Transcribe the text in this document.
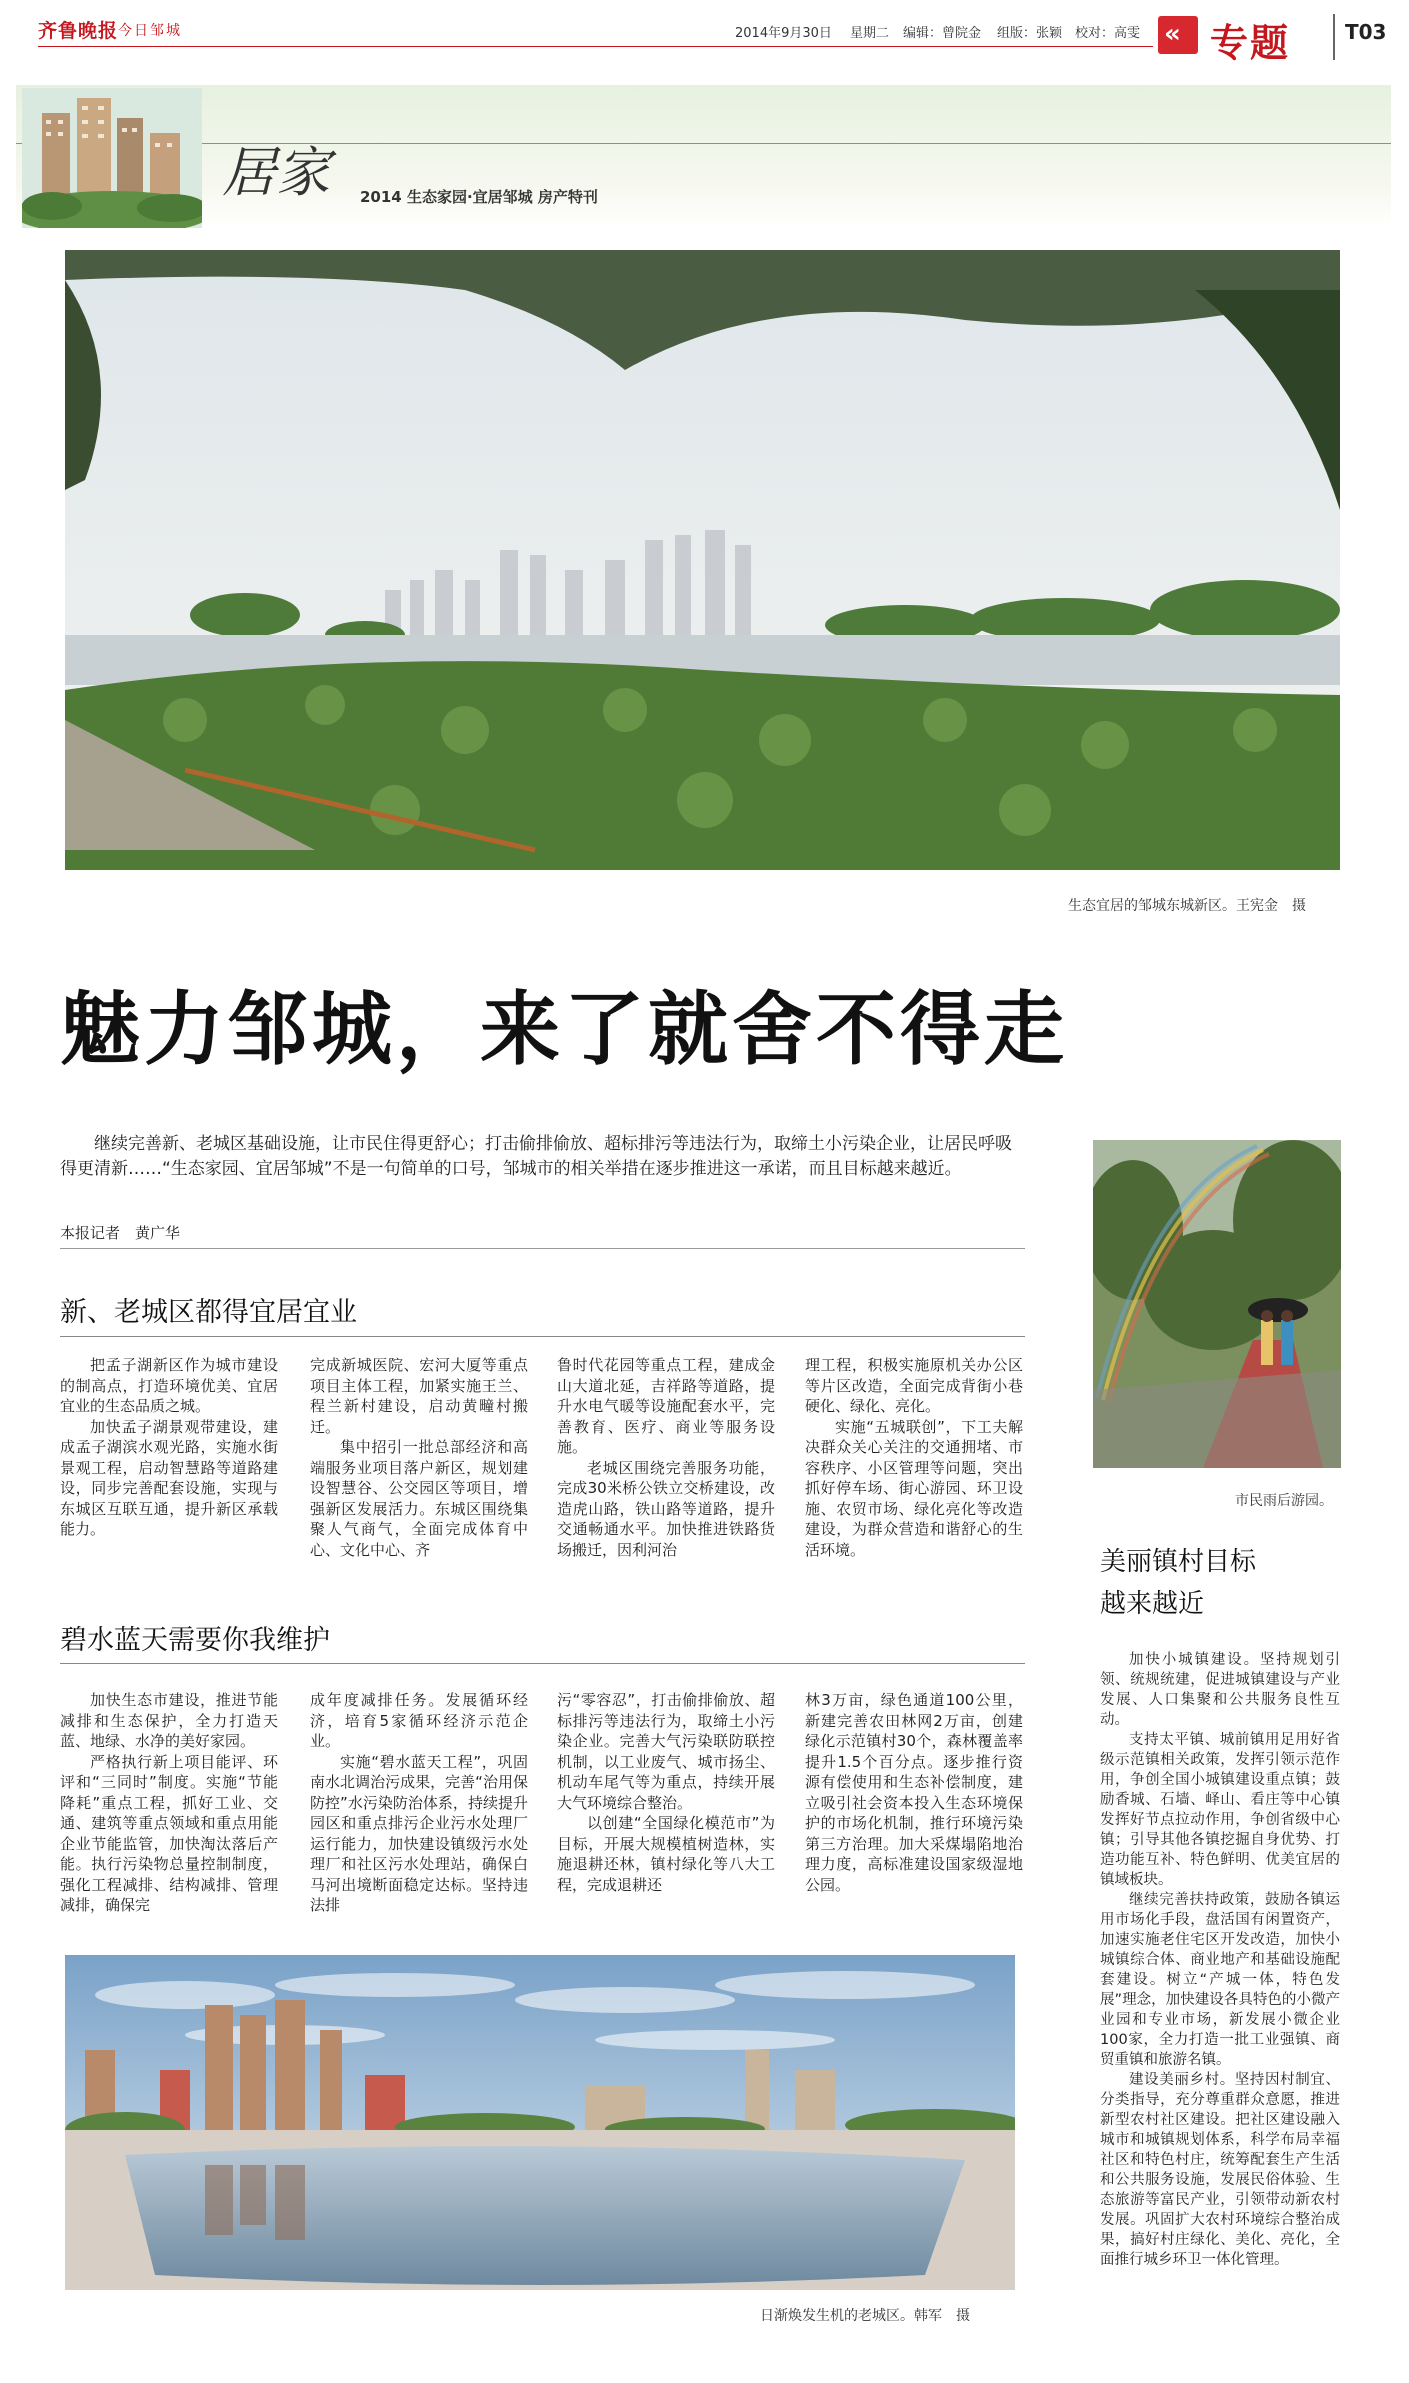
齐鲁晚报 今日邹城	2014年9月30日 星期二 编辑：曾院金 组版：张颖 校对：高雯 « 专题	T03
居家 2014 生态家园·宜居邹城 房产特刊
生态宜居的邹城东城新区。王宪金　摄
魅力邹城，来了就舍不得走
继续完善新、老城区基础设施，让市民住得更舒心；打击偷排偷放、超标排污等违法行为，取缔土小污染企业，让居民呼吸得更清新……“生态家园、宜居邹城”不是一句简单的口号，邹城市的相关举措在逐步推进这一承诺，而且目标越来越近。
本报记者　黄广华
新、老城区都得宜居宜业

把孟子湖新区作为城市建设的制高点，打造环境优美、宜居宜业的生态品质之城。

加快孟子湖景观带建设，建成孟子湖滨水观光路，实施水街景观工程，启动智慧路等道路建设，同步完善配套设施，实现与东城区互联互通，提升新区承载能力。

完成新城医院、宏河大厦等重点项目主体工程，加紧实施王兰、程兰新村建设，启动黄疃村搬迁。

集中招引一批总部经济和高端服务业项目落户新区，规划建设智慧谷、公交园区等项目，增强新区发展活力。东城区围绕集聚人气商气，全面完成体育中心、文化中心、齐

鲁时代花园等重点工程，建成金山大道北延，吉祥路等道路，提升水电气暖等设施配套水平，完善教育、医疗、商业等服务设施。

老城区围绕完善服务功能，完成30米桥公铁立交桥建设，改造虎山路，铁山路等道路，提升交通畅通水平。加快推进铁路货场搬迁，因利河治

理工程，积极实施原机关办公区等片区改造，全面完成背街小巷硬化、绿化、亮化。

实施“五城联创”，下工夫解决群众关心关注的交通拥堵、市容秩序、小区管理等问题，突出抓好停车场、街心游园、环卫设施、农贸市场、绿化亮化等改造建设，为群众营造和谐舒心的生活环境。

碧水蓝天需要你我维护

加快生态市建设，推进节能减排和生态保护，全力打造天蓝、地绿、水净的美好家园。

严格执行新上项目能评、环评和“三同时”制度。实施“节能降耗”重点工程，抓好工业、交通、建筑等重点领域和重点用能企业节能监管，加快淘汰落后产能。执行污染物总量控制制度，强化工程减排、结构减排、管理减排，确保完

成年度减排任务。发展循环经济，培育5家循环经济示范企业。

实施“碧水蓝天工程”，巩固南水北调治污成果，完善“治用保防控”水污染防治体系，持续提升园区和重点排污企业污水处理厂运行能力，加快建设镇级污水处理厂和社区污水处理站，确保白马河出境断面稳定达标。坚持违法排

污“零容忍”，打击偷排偷放、超标排污等违法行为，取缔土小污染企业。完善大气污染联防联控机制，以工业废气、城市扬尘、机动车尾气等为重点，持续开展大气环境综合整治。

以创建“全国绿化模范市”为目标，开展大规模植树造林，实施退耕还林，镇村绿化等八大工程，完成退耕还

林3万亩，绿色通道100公里，新建完善农田林网2万亩，创建绿化示范镇村30个，森林覆盖率提升1.5个百分点。逐步推行资源有偿使用和生态补偿制度，建立吸引社会资本投入生态环境保护的市场化机制，推行环境污染第三方治理。加大采煤塌陷地治理力度，高标准建设国家级湿地公园。

日渐焕发生机的老城区。韩军　摄
市民雨后游园。
美丽镇村目标
越来越近

加快小城镇建设。坚持规划引领、统规统建，促进城镇建设与产业发展、人口集聚和公共服务良性互动。

支持太平镇、城前镇用足用好省级示范镇相关政策，发挥引领示范作用，争创全国小城镇建设重点镇；鼓励香城、石墙、峄山、看庄等中心镇发挥好节点拉动作用，争创省级中心镇；引导其他各镇挖掘自身优势、打造功能互补、特色鲜明、优美宜居的镇域板块。

继续完善扶持政策，鼓励各镇运用市场化手段，盘活国有闲置资产，加速实施老住宅区开发改造，加快小城镇综合体、商业地产和基础设施配套建设。树立“产城一体，特色发展”理念，加快建设各具特色的小微产业园和专业市场，新发展小微企业100家，全力打造一批工业强镇、商贸重镇和旅游名镇。

建设美丽乡村。坚持因村制宜、分类指导，充分尊重群众意愿，推进新型农村社区建设。把社区建设融入城市和城镇规划体系，科学布局幸福社区和特色村庄，统筹配套生产生活和公共服务设施，发展民俗体验、生态旅游等富民产业，引领带动新农村发展。巩固扩大农村环境综合整治成果，搞好村庄绿化、美化、亮化，全面推行城乡环卫一体化管理。
